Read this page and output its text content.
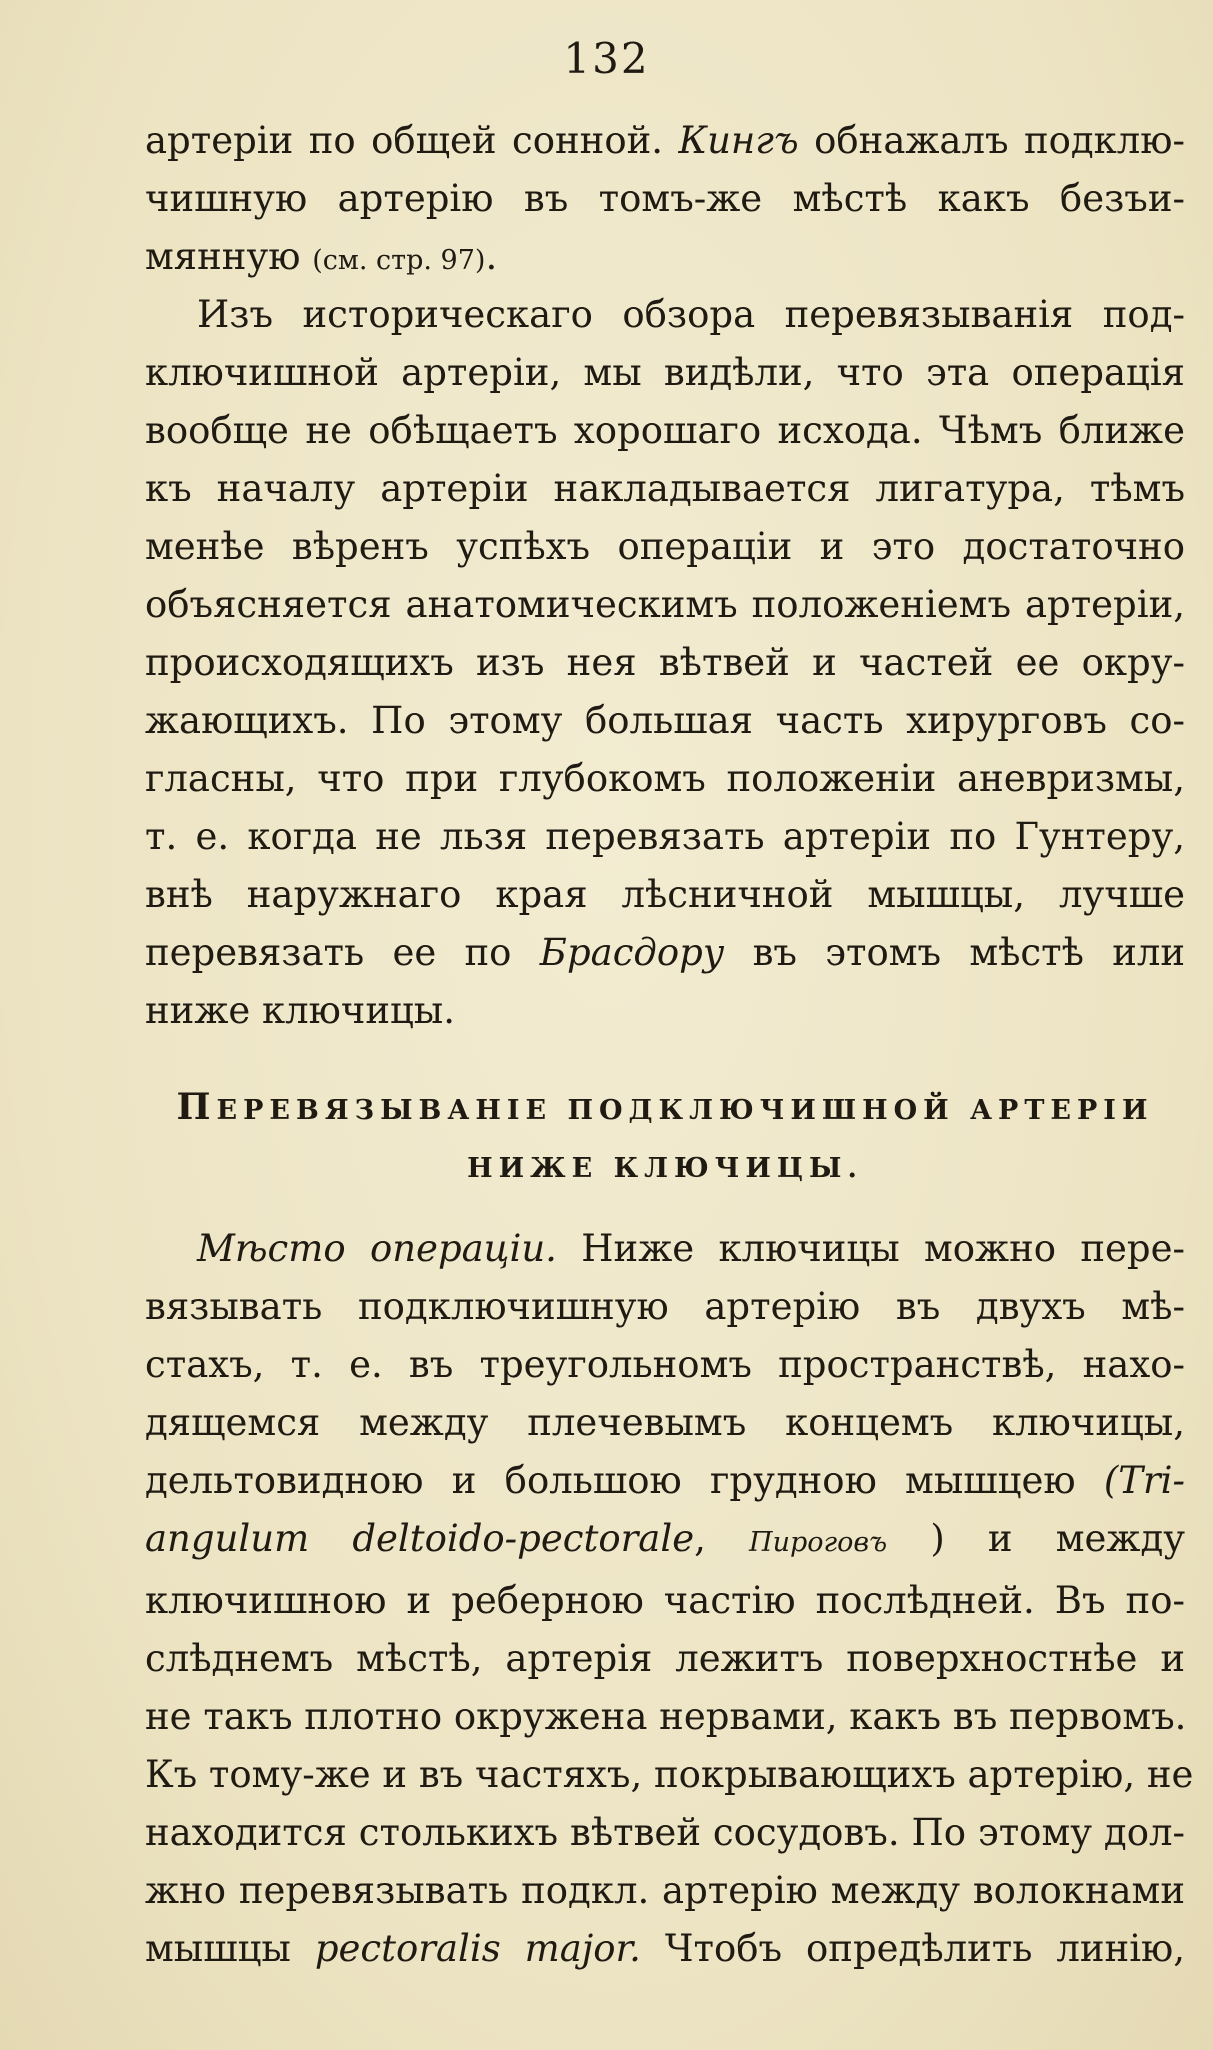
132
артеріи по общей сонной. Кингъ обнажалъ подклю-
чишную артерію въ томъ-же мѣстѣ какъ безъи-
мянную (см. стр. 97).
Изъ историческаго обзора перевязыванія под-
ключишной артеріи, мы видѣли, что эта операція
вообще не обѣщаетъ хорошаго исхода. Чѣмъ ближе
къ началу артеріи накладывается лигатура, тѣмъ
менѣе вѣренъ успѣхъ операціи и это достаточно
объясняется анатомическимъ положеніемъ артеріи,
происходящихъ изъ нея вѣтвей и частей ее окру-
жающихъ. По этому большая часть хирурговъ со-
гласны, что при глубокомъ положеніи аневризмы,
т. е. когда не льзя перевязать артеріи по Гунтеру,
внѣ наружнаго края лѣсничной мышцы, лучше
перевязать ее по Брасдору въ этомъ мѣстѣ или
ниже ключицы.
ПЕРЕВЯЗЫВАНІЕ ПОДКЛЮЧИШНОЙ АРТЕРІИ
НИЖЕ КЛЮЧИЦЫ.
Мѣсто операціи. Ниже ключицы можно пере-
вязывать подключишную артерію въ двухъ мѣ-
стахъ, т. е. въ треугольномъ пространствѣ, нахо-
дящемся между плечевымъ концемъ ключицы,
дельтовидною и большою грудною мышцею (Tri-
angulum deltoido-pectorale, Пироговъ ) и между
ключишною и реберною частію послѣдней. Въ по-
слѣднемъ мѣстѣ, артерія лежитъ поверхностнѣе и
не такъ плотно окружена нервами, какъ въ первомъ.
Къ тому-же и въ частяхъ, покрывающихъ артерію, не
находится столькихъ вѣтвей сосудовъ. По этому дол-
жно перевязывать подкл. артерію между волокнами
мышцы pectoralis major. Чтобъ опредѣлить линію,
